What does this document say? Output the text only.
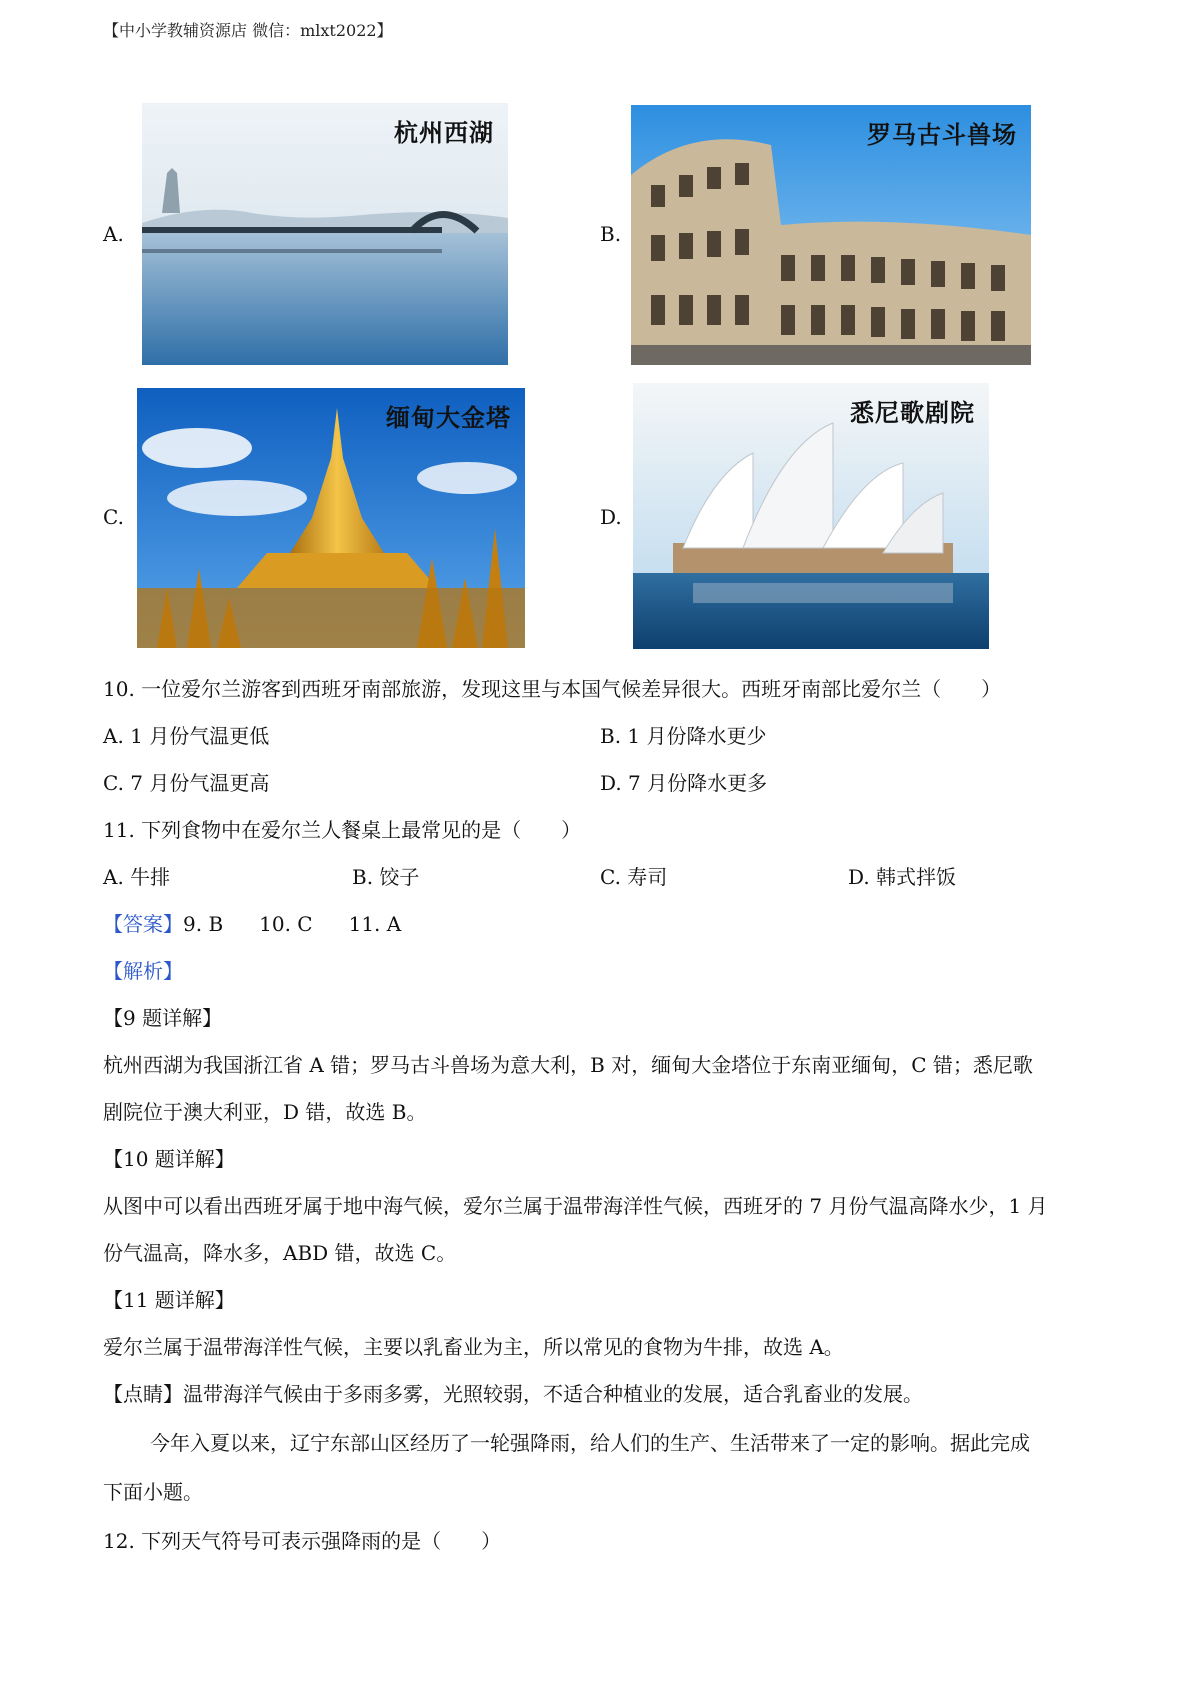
【中小学教辅资源店 微信：mlxt2022】
A.
杭州西湖
B.
罗马古斗兽场
C.
缅甸大金塔
D.
悉尼歌剧院
10. 一位爱尔兰游客到西班牙南部旅游，发现这里与本国气候差异很大。西班牙南部比爱尔兰（　　）
A. 1 月份气温更低	B. 1 月份降水更少
C. 7 月份气温更高	D. 7 月份降水更多
11. 下列食物中在爱尔兰人餐桌上最常见的是（　　）
A. 牛排	B. 饺子	C. 寿司	D. 韩式拌饭
【答案】9. B 10. C 11. A
【解析】
【9 题详解】
杭州西湖为我国浙江省 A 错；罗马古斗兽场为意大利，B 对，缅甸大金塔位于东南亚缅甸，C 错；悉尼歌
剧院位于澳大利亚，D 错，故选 B。
【10 题详解】
从图中可以看出西班牙属于地中海气候，爱尔兰属于温带海洋性气候，西班牙的 7 月份气温高降水少，1 月
份气温高，降水多，ABD 错，故选 C。
【11 题详解】
爱尔兰属于温带海洋性气候，主要以乳畜业为主，所以常见的食物为牛排，故选 A。
【点睛】温带海洋气候由于多雨多雾，光照较弱，不适合种植业的发展，适合乳畜业的发展。
今年入夏以来，辽宁东部山区经历了一轮强降雨，给人们的生产、生活带来了一定的影响。据此完成
下面小题。
12. 下列天气符号可表示强降雨的是（　　）
